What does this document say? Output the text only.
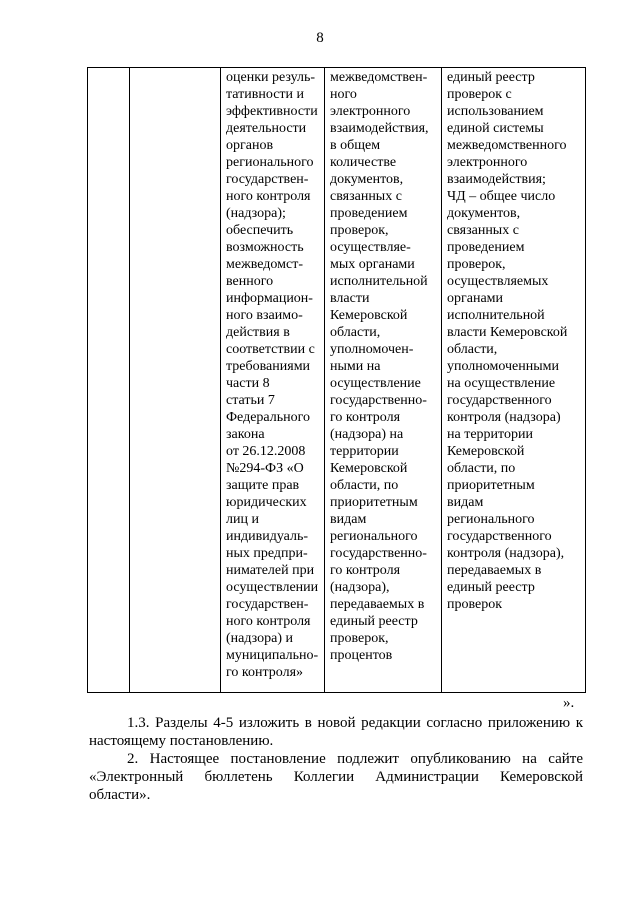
8

оценки резуль-
тативности и
эффективности
деятельности
органов
регионального
государствен-
ного контроля
(надзора);
обеспечить
возможность
межведомст-
венного
информацион-
ного взаимо-
действия в
соответствии с
требованиями
части 8
статьи 7
Федерального
закона
от 26.12.2008
№294-ФЗ «О
защите прав
юридических
лиц и
индивидуаль-
ных предпри-
нимателей при
осуществлении
государствен-
ного контроля
(надзора) и
муниципально-
го контроля»

межведомствен-
ного
электронного
взаимодействия,
в общем
количестве
документов,
связанных с
проведением
проверок,
осуществляе-
мых органами
исполнительной
власти
Кемеровской
области,
уполномочен-
ными на
осуществление
государственно-
го контроля
(надзора) на
территории
Кемеровской
области, по
приоритетным
видам
регионального
государственно-
го контроля
(надзора),
передаваемых в
единый реестр
проверок,
процентов

единый реестр
проверок с
использованием
единой системы
межведомственного
электронного
взаимодействия;
ЧД – общее число
документов,
связанных с
проведением
проверок,
осуществляемых
органами
исполнительной
власти Кемеровской
области,
уполномоченными
на осуществление
государственного
контроля (надзора)
на территории
Кемеровской
области, по
приоритетным
видам
регионального
государственного
контроля (надзора),
передаваемых в
единый реестр
проверок
».
1.3. Разделы 4-5 изложить в новой редакции согласно приложению к
настоящему постановлению.
2. Настоящее постановление подлежит опубликованию на сайте
«Электронный бюллетень Коллегии Администрации Кемеровской
области».
